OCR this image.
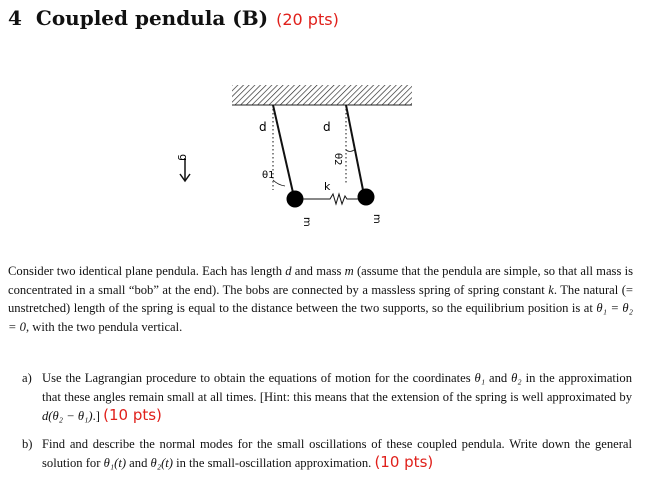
4 Coupled pendula (B) (20 pts)
g
d
θ1
m
d
θ2
m
k
Consider two identical plane pendula. Each has length d and mass m (assume that the pendula are simple, so that all mass is concentrated in a small “bob” at the end). The bobs are connected by a massless spring of spring constant k. The natural (= unstretched) length of the spring is equal to the distance between the two supports, so the equilibrium position is at θ₁ = θ₂ = 0, with the two pendula vertical.
a) Use the Lagrangian procedure to obtain the equations of motion for the coordinates θ₁ and θ₂ in the approximation that these angles remain small at all times. [Hint: this means that the extension of the spring is well approximated by d(θ₂ − θ₁).] (10 pts)
b) Find and describe the normal modes for the small oscillations of these coupled pendula. Write down the general solution for θ₁(t) and θ₂(t) in the small-oscillation approximation. (10 pts)
